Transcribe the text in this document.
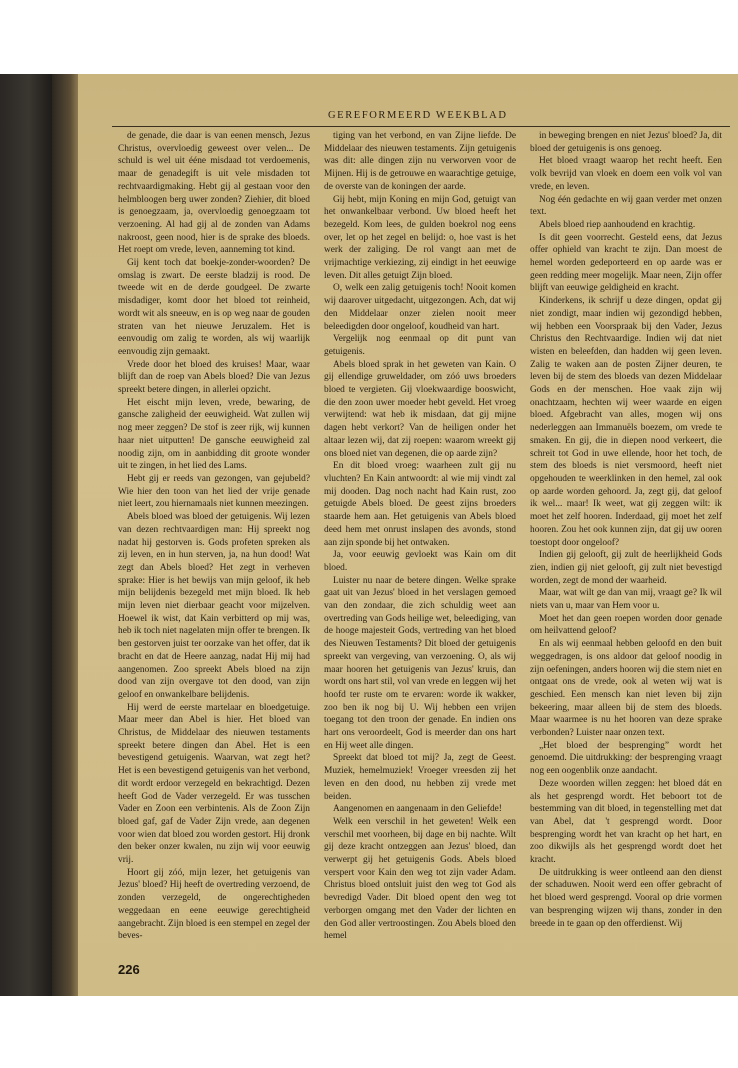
GEREFORMEERD WEEKBLAD

de genade, die daar is van eenen mensch, Jezus Christus, overvloedig geweest over velen... De schuld is wel uit ééne misdaad tot verdoemenis, maar de genadegift is uit vele misdaden tot rechtvaardigmaking. Hebt gij al gestaan voor den helmbloogen berg uwer zonden? Ziehier, dit bloed is genoegzaam, ja, overvloedig genoegzaam tot verzoening. Al had gij al de zonden van Adams nakroost, geen nood, hier is de sprake des bloeds. Het roept om vrede, leven, aanneming tot kind.

Gij kent toch dat boekje-zonder-woorden? De omslag is zwart. De eerste bladzij is rood. De tweede wit en de derde goudgeel. De zwarte misdadiger, komt door het bloed tot reinheid, wordt wit als sneeuw, en is op weg naar de gouden straten van het nieuwe Jeruzalem. Het is eenvoudig om zalig te worden, als wij waarlijk eenvoudig zijn gemaakt.

Vrede door het bloed des kruises! Maar, waar blijft dan de roep van Abels bloed? Die van Jezus spreekt betere dingen, in allerlei opzicht.

Het eischt mijn leven, vrede, bewaring, de gansche zaligheid der eeuwigheid. Wat zullen wij nog meer zeggen? De stof is zeer rijk, wij kunnen haar niet uitputten! De gansche eeuwigheid zal noodig zijn, om in aanbidding dit groote wonder uit te zingen, in het lied des Lams.

Hebt gij er reeds van gezongen, van gejubeld? Wie hier den toon van het lied der vrije genade niet leert, zou hiernamaals niet kunnen meezingen.

Abels bloed was bloed der getuigenis. Wij lezen van dezen rechtvaardigen man: Hij spreekt nog nadat hij gestorven is. Gods profeten spreken als zij leven, en in hun sterven, ja, na hun dood! Wat zegt dan Abels bloed? Het zegt in verheven sprake: Hier is het bewijs van mijn geloof, ik heb mijn belijdenis bezegeld met mijn bloed. Ik heb mijn leven niet dierbaar geacht voor mijzelven. Hoewel ik wist, dat Kain verbitterd op mij was, heb ik toch niet nagelaten mijn offer te brengen. Ik ben gestorven juist ter oorzake van het offer, dat ik bracht en dat de Heere aanzag, nadat Hij mij had aangenomen. Zoo spreekt Abels bloed na zijn dood van zijn overgave tot den dood, van zijn geloof en onwankelbare belijdenis.

Hij werd de eerste martelaar en bloedgetuige. Maar meer dan Abel is hier. Het bloed van Christus, de Middelaar des nieuwen testaments spreekt betere dingen dan Abel. Het is een bevestigend getuigenis. Waarvan, wat zegt het? Het is een bevestigend getuigenis van het verbond, dit wordt erdoor verzegeld en bekrachtigd. Dezen heeft God de Vader verzegeld. Er was tusschen Vader en Zoon een verbintenis. Als de Zoon Zijn bloed gaf, gaf de Vader Zijn vrede, aan degenen voor wien dat bloed zou worden gestort. Hij dronk den beker onzer kwalen, nu zijn wij voor eeuwig vrij.

Hoort gij zóó, mijn lezer, het getuigenis van Jezus' bloed? Hij heeft de overtreding verzoend, de zonden verzegeld, de ongerechtigheden weggedaan en eene eeuwige gerechtigheid aangebracht. Zijn bloed is een stempel en zegel der beves-

tiging van het verbond, en van Zijne liefde. De Middelaar des nieuwen testaments. Zijn getuigenis was dit: alle dingen zijn nu verworven voor de Mijnen. Hij is de getrouwe en waarachtige getuige, de overste van de koningen der aarde.

Gij hebt, mijn Koning en mijn God, getuigt van het onwankelbaar verbond. Uw bloed heeft het bezegeld. Kom lees, de gulden boekrol nog eens over, let op het zegel en belijd: o, hoe vast is het werk der zaliging. De rol vangt aan met de vrijmachtige verkiezing, zij eindigt in het eeuwige leven. Dit alles getuigt Zijn bloed.

O, welk een zalig getuigenis toch! Nooit komen wij daarover uitgedacht, uitgezongen. Ach, dat wij den Middelaar onzer zielen nooit meer beleedigden door ongeloof, koudheid van hart.

Vergelijk nog eenmaal op dit punt van getuigenis.

Abels bloed sprak in het geweten van Kain. O gij ellendige gruweldader, om zóó uws broeders bloed te vergieten. Gij vloekwaardige booswicht, die den zoon uwer moeder hebt geveld. Het vroeg verwijtend: wat heb ik misdaan, dat gij mijne dagen hebt verkort? Van de heiligen onder het altaar lezen wij, dat zij roepen: waarom wreekt gij ons bloed niet van degenen, die op aarde zijn?

En dit bloed vroeg: waarheen zult gij nu vluchten? En Kain antwoordt: al wie mij vindt zal mij dooden. Dag noch nacht had Kain rust, zoo getuigde Abels bloed. De geest zijns broeders staarde hem aan. Het getuigenis van Abels bloed deed hem met onrust inslapen des avonds, stond aan zijn sponde bij het ontwaken.

Ja, voor eeuwig gevloekt was Kain om dit bloed.

Luister nu naar de betere dingen. Welke sprake gaat uit van Jezus' bloed in het verslagen gemoed van den zondaar, die zich schuldig weet aan overtreding van Gods heilige wet, beleediging, van de hooge majesteit Gods, vertreding van het bloed des Nieuwen Testaments? Dit bloed der getuigenis spreekt van vergeving, van verzoening. O, als wij maar hooren het getuigenis van Jezus' kruis, dan wordt ons hart stil, vol van vrede en leggen wij het hoofd ter ruste om te ervaren: worde ik wakker, zoo ben ik nog bij U. Wij hebben een vrijen toegang tot den troon der genade. En indien ons hart ons veroordeelt, God is meerder dan ons hart en Hij weet alle dingen.

Spreekt dat bloed tot mij? Ja, zegt de Geest. Muziek, hemelmuziek! Vroeger vreesden zij het leven en den dood, nu hebben zij vrede met beiden.

Aangenomen en aangenaam in den Geliefde!

Welk een verschil in het geweten! Welk een verschil met voorheen, bij dage en bij nachte. Wilt gij deze kracht ontzeggen aan Jezus' bloed, dan verwerpt gij het getuigenis Gods. Abels bloed verspert voor Kain den weg tot zijn vader Adam. Christus bloed ontsluit juist den weg tot God als bevredigd Vader. Dit bloed opent den weg tot verborgen omgang met den Vader der lichten en den God aller vertroostingen. Zou Abels bloed den hemel

in beweging brengen en niet Jezus' bloed? Ja, dit bloed der getuigenis is ons genoeg.

Het bloed vraagt waarop het recht heeft. Een volk bevrijd van vloek en doem een volk vol van vrede, en leven.

Nog één gedachte en wij gaan verder met onzen text.

Abels bloed riep aanhoudend en krachtig.

Is dit geen voorrecht. Gesteld eens, dat Jezus offer ophield van kracht te zijn. Dan moest de hemel worden gedeporteerd en op aarde was er geen redding meer mogelijk. Maar neen, Zijn offer blijft van eeuwige geldigheid en kracht.

Kinderkens, ik schrijf u deze dingen, opdat gij niet zondigt, maar indien wij gezondigd hebben, wij hebben een Voorspraak bij den Vader, Jezus Christus den Rechtvaardige. Indien wij dat niet wisten en beleefden, dan hadden wij geen leven. Zalig te waken aan de posten Zijner deuren, te leven bij de stem des bloeds van dezen Middelaar Gods en der menschen. Hoe vaak zijn wij onachtzaam, hechten wij weer waarde en eigen bloed. Afgebracht van alles, mogen wij ons nederleggen aan Immanuëls boezem, om vrede te smaken. En gij, die in diepen nood verkeert, die schreit tot God in uwe ellende, hoor het toch, de stem des bloeds is niet versmoord, heeft niet opgehouden te weerklinken in den hemel, zal ook op aarde worden gehoord. Ja, zegt gij, dat geloof ik wel... maar! Ik weet, wat gij zeggen wilt: ik moet het zelf hooren. Inderdaad, gij moet het zelf hooren. Zou het ook kunnen zijn, dat gij uw ooren toestopt door ongeloof?

Indien gij gelooft, gij zult de heerlijkheid Gods zien, indien gij niet gelooft, gij zult niet bevestigd worden, zegt de mond der waarheid.

Maar, wat wilt ge dan van mij, vraagt ge? Ik wil niets van u, maar van Hem voor u.

Moet het dan geen roepen worden door genade om heilvattend geloof?

En als wij eenmaal hebben geloofd en den buit weggedragen, is ons aldoor dat geloof noodig in zijn oefeningen, anders hooren wij die stem niet en ontgaat ons de vrede, ook al weten wij wat is geschied. Een mensch kan niet leven bij zijn bekeering, maar alleen bij de stem des bloeds. Maar waarmee is nu het hooren van deze sprake verbonden? Luister naar onzen text.

„Het bloed der besprenging” wordt het genoemd. Die uitdrukking: der besprenging vraagt nog een oogenblik onze aandacht.

Deze woorden willen zeggen: het bloed dát en als het gesprengd wordt. Het beboort tot de bestemming van dit bloed, in tegenstelling met dat van Abel, dat 't gesprengd wordt. Door besprenging wordt het van kracht op het hart, en zoo dikwijls als het gesprengd wordt doet het kracht.

De uitdrukking is weer ontleend aan den dienst der schaduwen. Nooit werd een offer gebracht of het bloed werd gesprengd. Vooral op drie vormen van besprenging wijzen wij thans, zonder in den breede in te gaan op den offerdienst. Wij

226
